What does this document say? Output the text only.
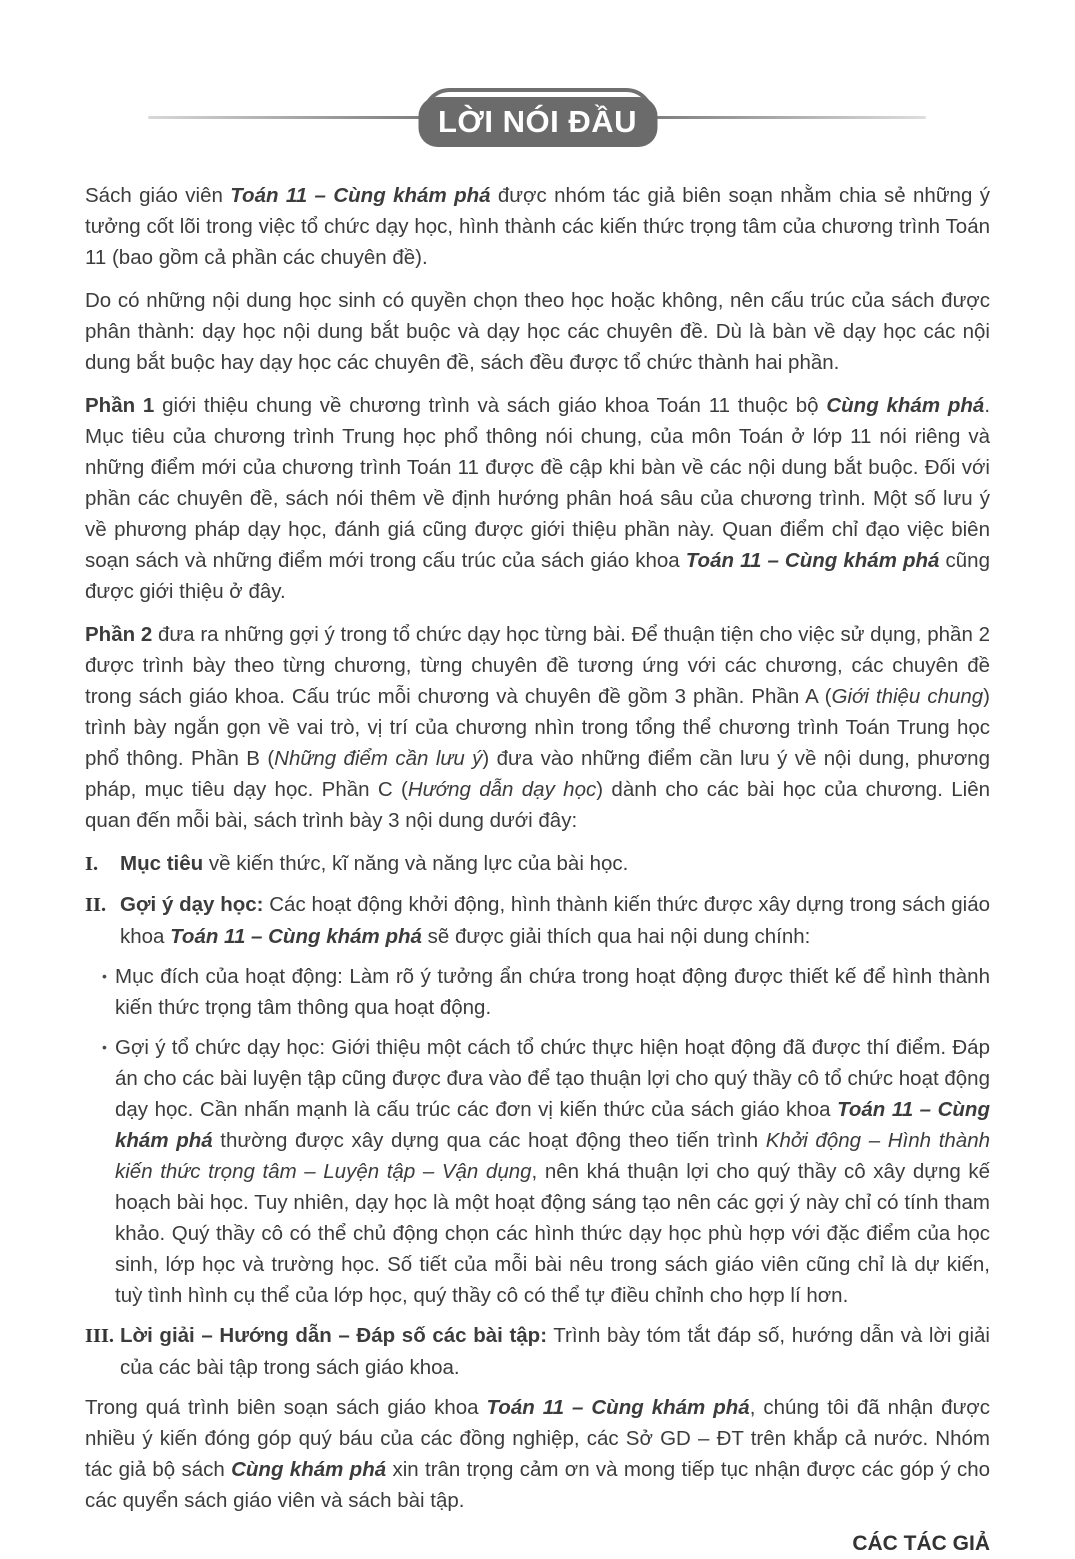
LỜI NÓI ĐẦU
Sách giáo viên Toán 11 – Cùng khám phá được nhóm tác giả biên soạn nhằm chia sẻ những ý tưởng cốt lõi trong việc tổ chức dạy học, hình thành các kiến thức trọng tâm của chương trình Toán 11 (bao gồm cả phần các chuyên đề).
Do có những nội dung học sinh có quyền chọn theo học hoặc không, nên cấu trúc của sách được phân thành: dạy học nội dung bắt buộc và dạy học các chuyên đề. Dù là bàn về dạy học các nội dung bắt buộc hay dạy học các chuyên đề, sách đều được tổ chức thành hai phần.
Phần 1 giới thiệu chung về chương trình và sách giáo khoa Toán 11 thuộc bộ Cùng khám phá. Mục tiêu của chương trình Trung học phổ thông nói chung, của môn Toán ở lớp 11 nói riêng và những điểm mới của chương trình Toán 11 được đề cập khi bàn về các nội dung bắt buộc. Đối với phần các chuyên đề, sách nói thêm về định hướng phân hoá sâu của chương trình. Một số lưu ý về phương pháp dạy học, đánh giá cũng được giới thiệu phần này. Quan điểm chỉ đạo việc biên soạn sách và những điểm mới trong cấu trúc của sách giáo khoa Toán 11 – Cùng khám phá cũng được giới thiệu ở đây.
Phần 2 đưa ra những gợi ý trong tổ chức dạy học từng bài. Để thuận tiện cho việc sử dụng, phần 2 được trình bày theo từng chương, từng chuyên đề tương ứng với các chương, các chuyên đề trong sách giáo khoa. Cấu trúc mỗi chương và chuyên đề gồm 3 phần. Phần A (Giới thiệu chung) trình bày ngắn gọn về vai trò, vị trí của chương nhìn trong tổng thể chương trình Toán Trung học phổ thông. Phần B (Những điểm cần lưu ý) đưa vào những điểm cần lưu ý về nội dung, phương pháp, mục tiêu dạy học. Phần C (Hướng dẫn dạy học) dành cho các bài học của chương. Liên quan đến mỗi bài, sách trình bày 3 nội dung dưới đây:
I. Mục tiêu về kiến thức, kĩ năng và năng lực của bài học.
II. Gợi ý dạy học: Các hoạt động khởi động, hình thành kiến thức được xây dựng trong sách giáo khoa Toán 11 – Cùng khám phá sẽ được giải thích qua hai nội dung chính:
• Mục đích của hoạt động: Làm rõ ý tưởng ẩn chứa trong hoạt động được thiết kế để hình thành kiến thức trọng tâm thông qua hoạt động.
• Gợi ý tổ chức dạy học: Giới thiệu một cách tổ chức thực hiện hoạt động đã được thí điểm. Đáp án cho các bài luyện tập cũng được đưa vào để tạo thuận lợi cho quý thầy cô tổ chức hoạt động dạy học. Cần nhấn mạnh là cấu trúc các đơn vị kiến thức của sách giáo khoa Toán 11 – Cùng khám phá thường được xây dựng qua các hoạt động theo tiến trình Khởi động – Hình thành kiến thức trọng tâm – Luyện tập – Vận dụng, nên khá thuận lợi cho quý thầy cô xây dựng kế hoạch bài học. Tuy nhiên, dạy học là một hoạt động sáng tạo nên các gợi ý này chỉ có tính tham khảo. Quý thầy cô có thể chủ động chọn các hình thức dạy học phù hợp với đặc điểm của học sinh, lớp học và trường học. Số tiết của mỗi bài nêu trong sách giáo viên cũng chỉ là dự kiến, tuỳ tình hình cụ thể của lớp học, quý thầy cô có thể tự điều chỉnh cho hợp lí hơn.
III. Lời giải – Hướng dẫn – Đáp số các bài tập: Trình bày tóm tắt đáp số, hướng dẫn và lời giải của các bài tập trong sách giáo khoa.
Trong quá trình biên soạn sách giáo khoa Toán 11 – Cùng khám phá, chúng tôi đã nhận được nhiều ý kiến đóng góp quý báu của các đồng nghiệp, các Sở GD – ĐT trên khắp cả nước. Nhóm tác giả bộ sách Cùng khám phá xin trân trọng cảm ơn và mong tiếp tục nhận được các góp ý cho các quyển sách giáo viên và sách bài tập.
CÁC TÁC GIẢ
